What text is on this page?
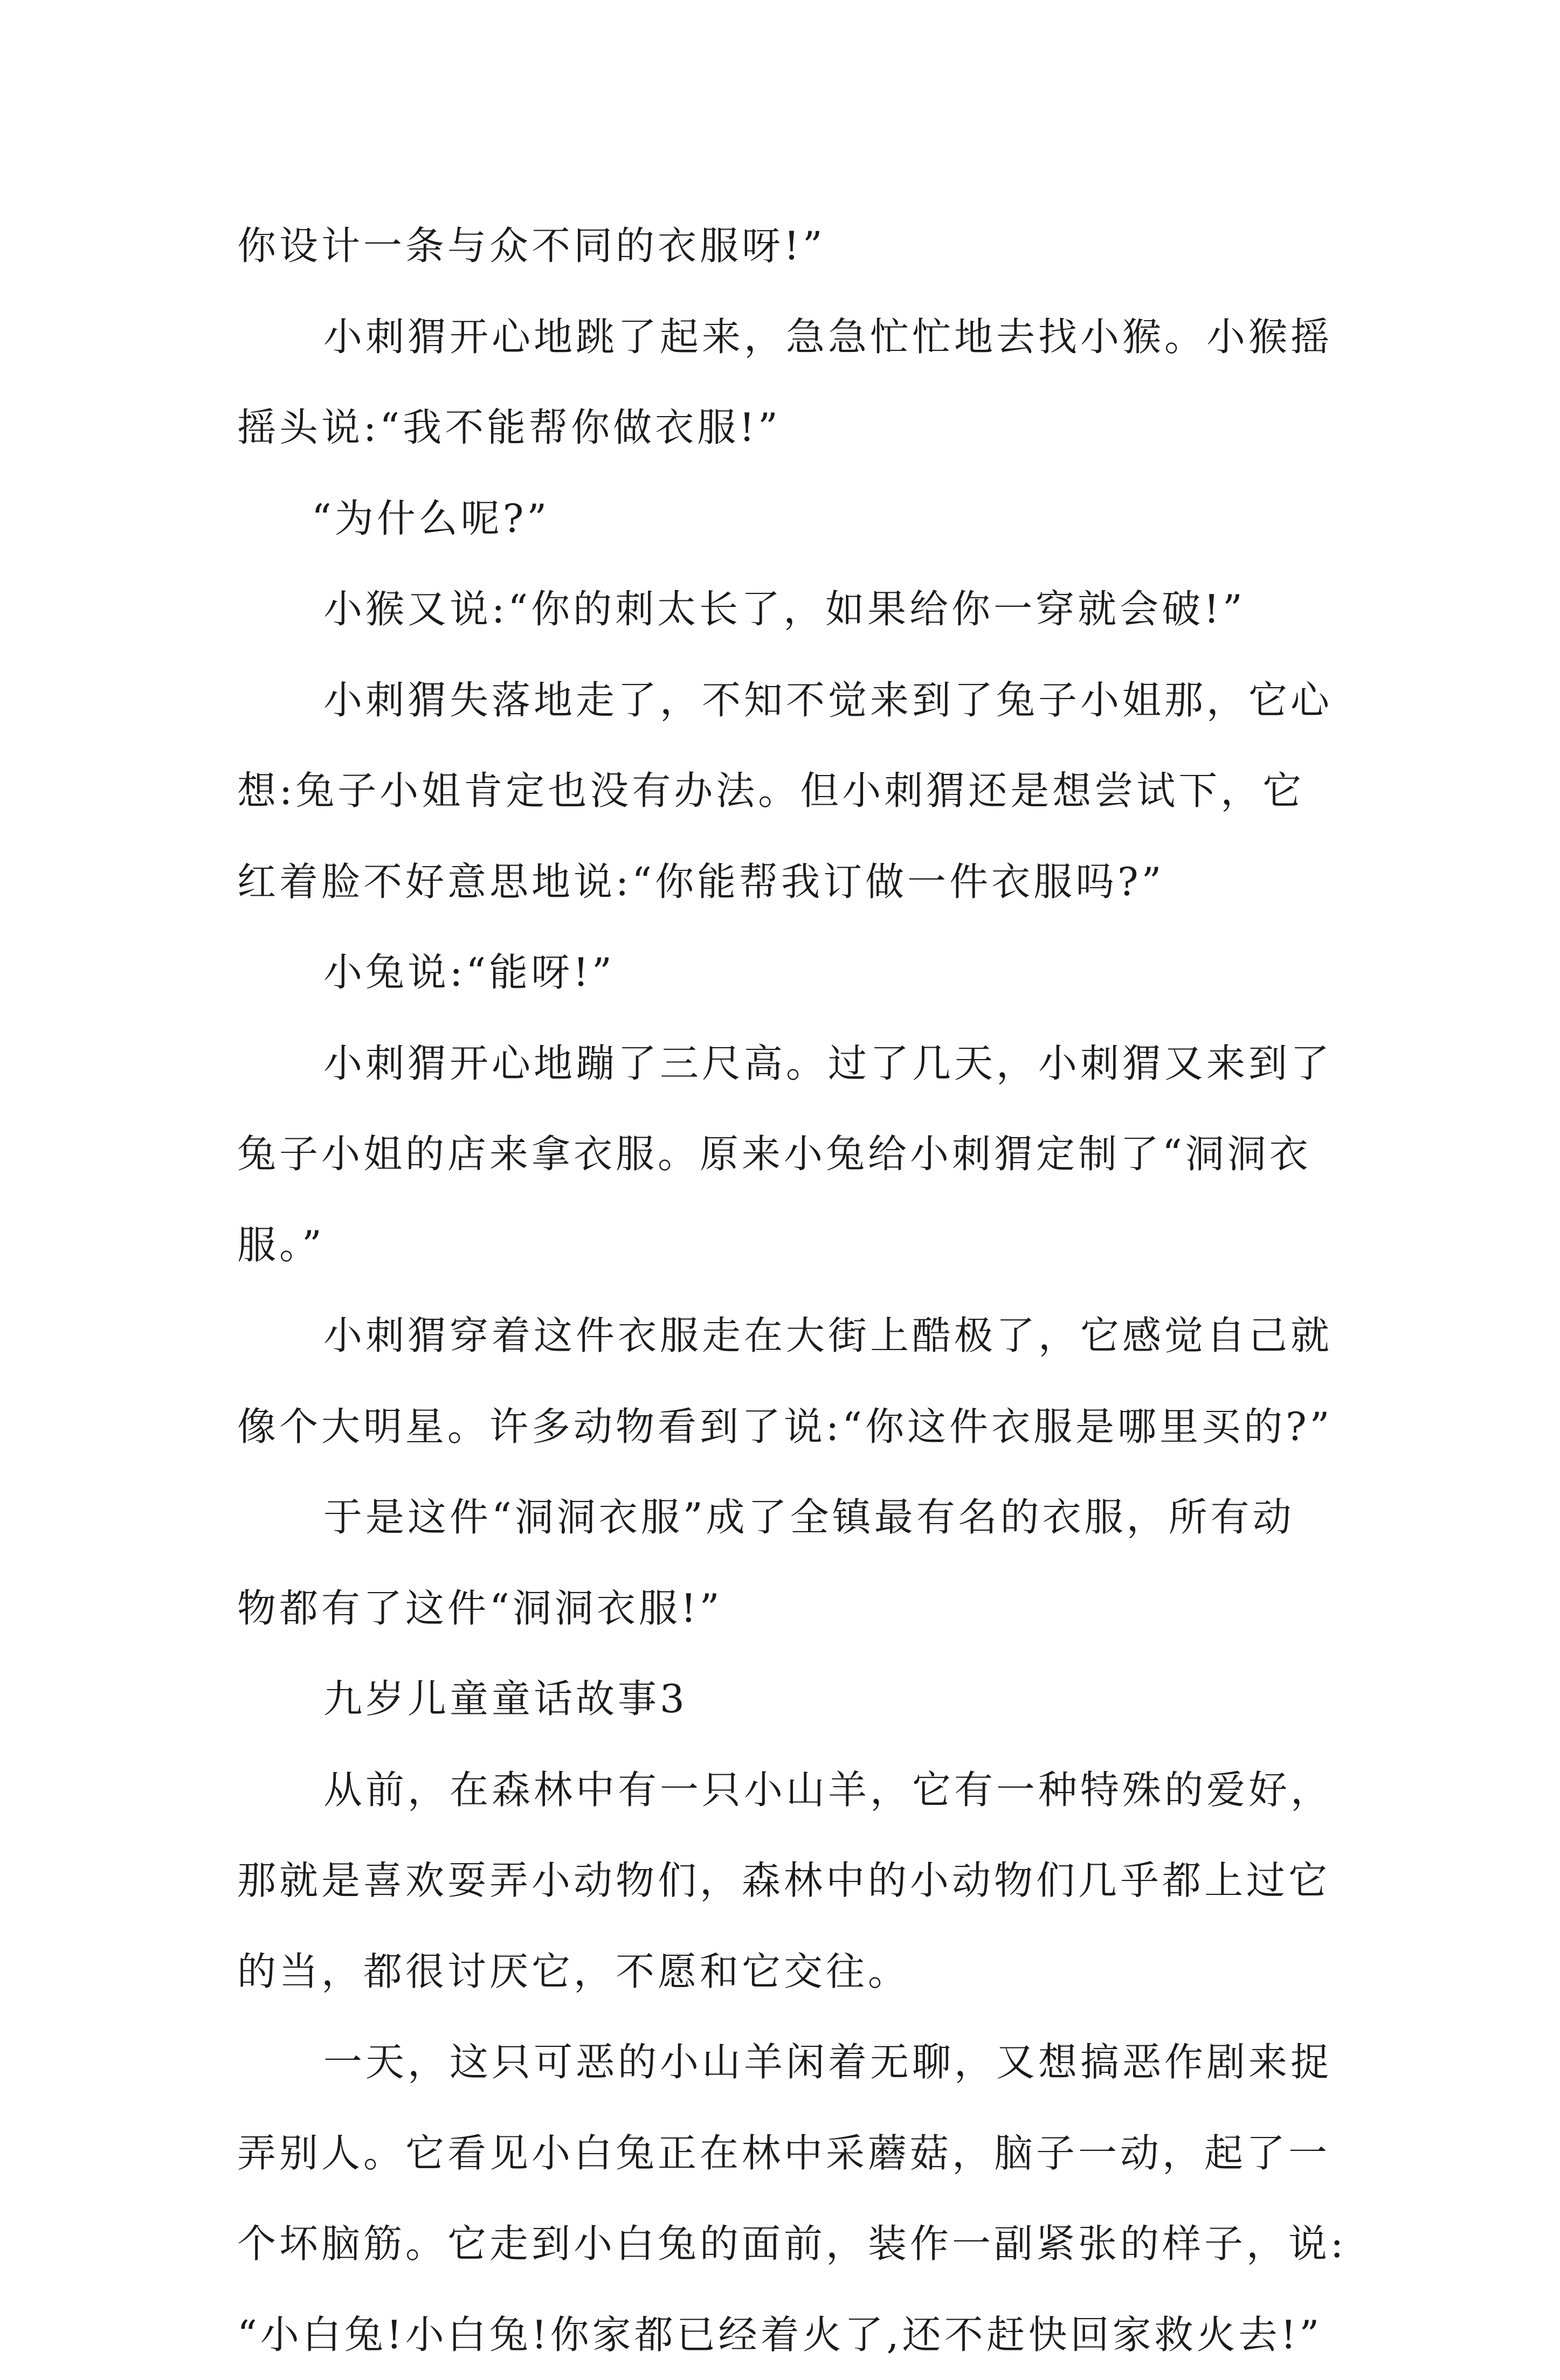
你设计一条与众不同的衣服呀!”
小刺猬开心地跳了起来，急急忙忙地去找小猴。小猴摇
摇头说:“我不能帮你做衣服!”
“为什么呢?”
小猴又说:“你的刺太长了，如果给你一穿就会破!”
小刺猬失落地走了，不知不觉来到了兔子小姐那，它心
想:兔子小姐肯定也没有办法。但小刺猬还是想尝试下，它
红着脸不好意思地说:“你能帮我订做一件衣服吗?”
小兔说:“能呀!”
小刺猬开心地蹦了三尺高。过了几天，小刺猬又来到了
兔子小姐的店来拿衣服。原来小兔给小刺猬定制了“洞洞衣
服。”
小刺猬穿着这件衣服走在大街上酷极了，它感觉自己就
像个大明星。许多动物看到了说:“你这件衣服是哪里买的?”
于是这件“洞洞衣服”成了全镇最有名的衣服，所有动
物都有了这件“洞洞衣服!”
九岁儿童童话故事3
从前，在森林中有一只小山羊，它有一种特殊的爱好，
那就是喜欢耍弄小动物们，森林中的小动物们几乎都上过它
的当，都很讨厌它，不愿和它交往。
一天，这只可恶的小山羊闲着无聊，又想搞恶作剧来捉
弄别人。它看见小白兔正在林中采蘑菇，脑子一动，起了一
个坏脑筋。它走到小白兔的面前，装作一副紧张的样子，说:
“小白兔!小白兔!你家都已经着火了,还不赶快回家救火去!”
